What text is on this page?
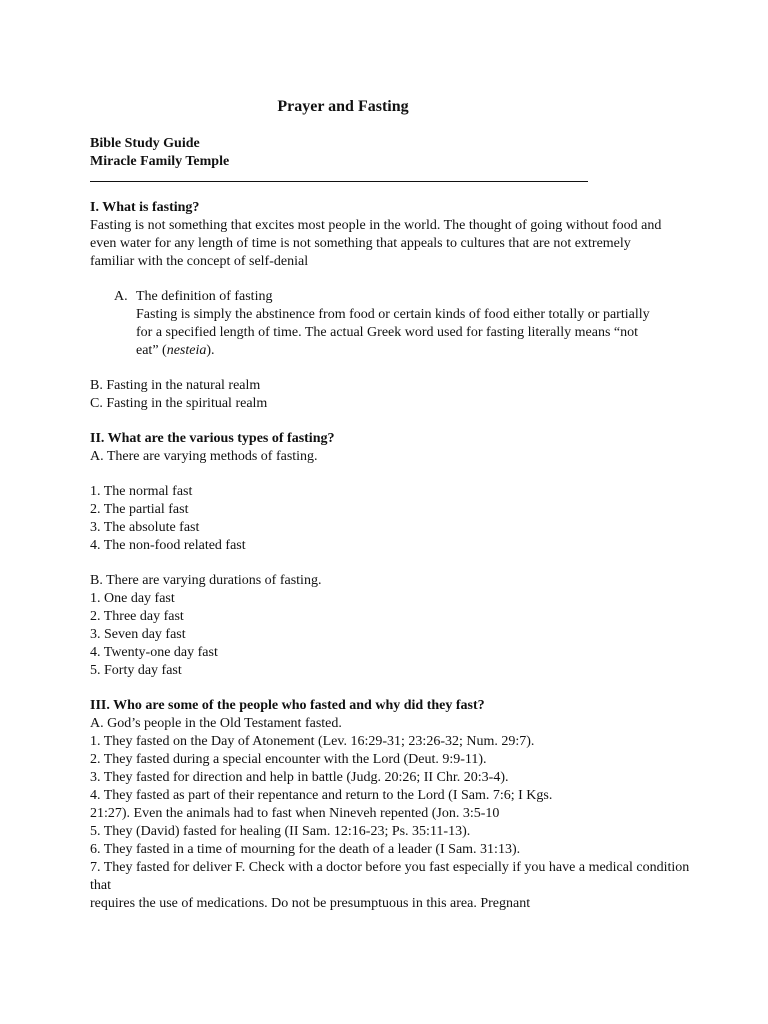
Prayer and Fasting
Bible Study Guide
Miracle Family Temple
I. What is fasting?
Fasting is not something that excites most people in the world. The thought of going without food and even water for any length of time is not something that appeals to cultures that are not extremely familiar with the concept of self-denial
A. The definition of fasting
Fasting is simply the abstinence from food or certain kinds of food either totally or partially for a specified length of time. The actual Greek word used for fasting literally means “not eat” (nesteia).
B. Fasting in the natural realm
C. Fasting in the spiritual realm
II. What are the various types of fasting?
A. There are varying methods of fasting.
1. The normal fast
2. The partial fast
3. The absolute fast
4. The non-food related fast
B. There are varying durations of fasting.
1. One day fast
2. Three day fast
3. Seven day fast
4. Twenty-one day fast
5. Forty day fast
III. Who are some of the people who fasted and why did they fast?
A. God’s people in the Old Testament fasted.
1. They fasted on the Day of Atonement (Lev. 16:29-31; 23:26-32; Num. 29:7).
2. They fasted during a special encounter with the Lord (Deut. 9:9-11).
3. They fasted for direction and help in battle (Judg. 20:26; II Chr. 20:3-4).
4. They fasted as part of their repentance and return to the Lord (I Sam. 7:6; I Kgs.
21:27). Even the animals had to fast when Nineveh repented (Jon. 3:5-10
5. They (David) fasted for healing (II Sam. 12:16-23; Ps. 35:11-13).
6. They fasted in a time of mourning for the death of a leader (I Sam. 31:13).
7. They fasted for deliver F. Check with a doctor before you fast especially if you have a medical condition that
requires the use of medications. Do not be presumptuous in this area. Pregnant
